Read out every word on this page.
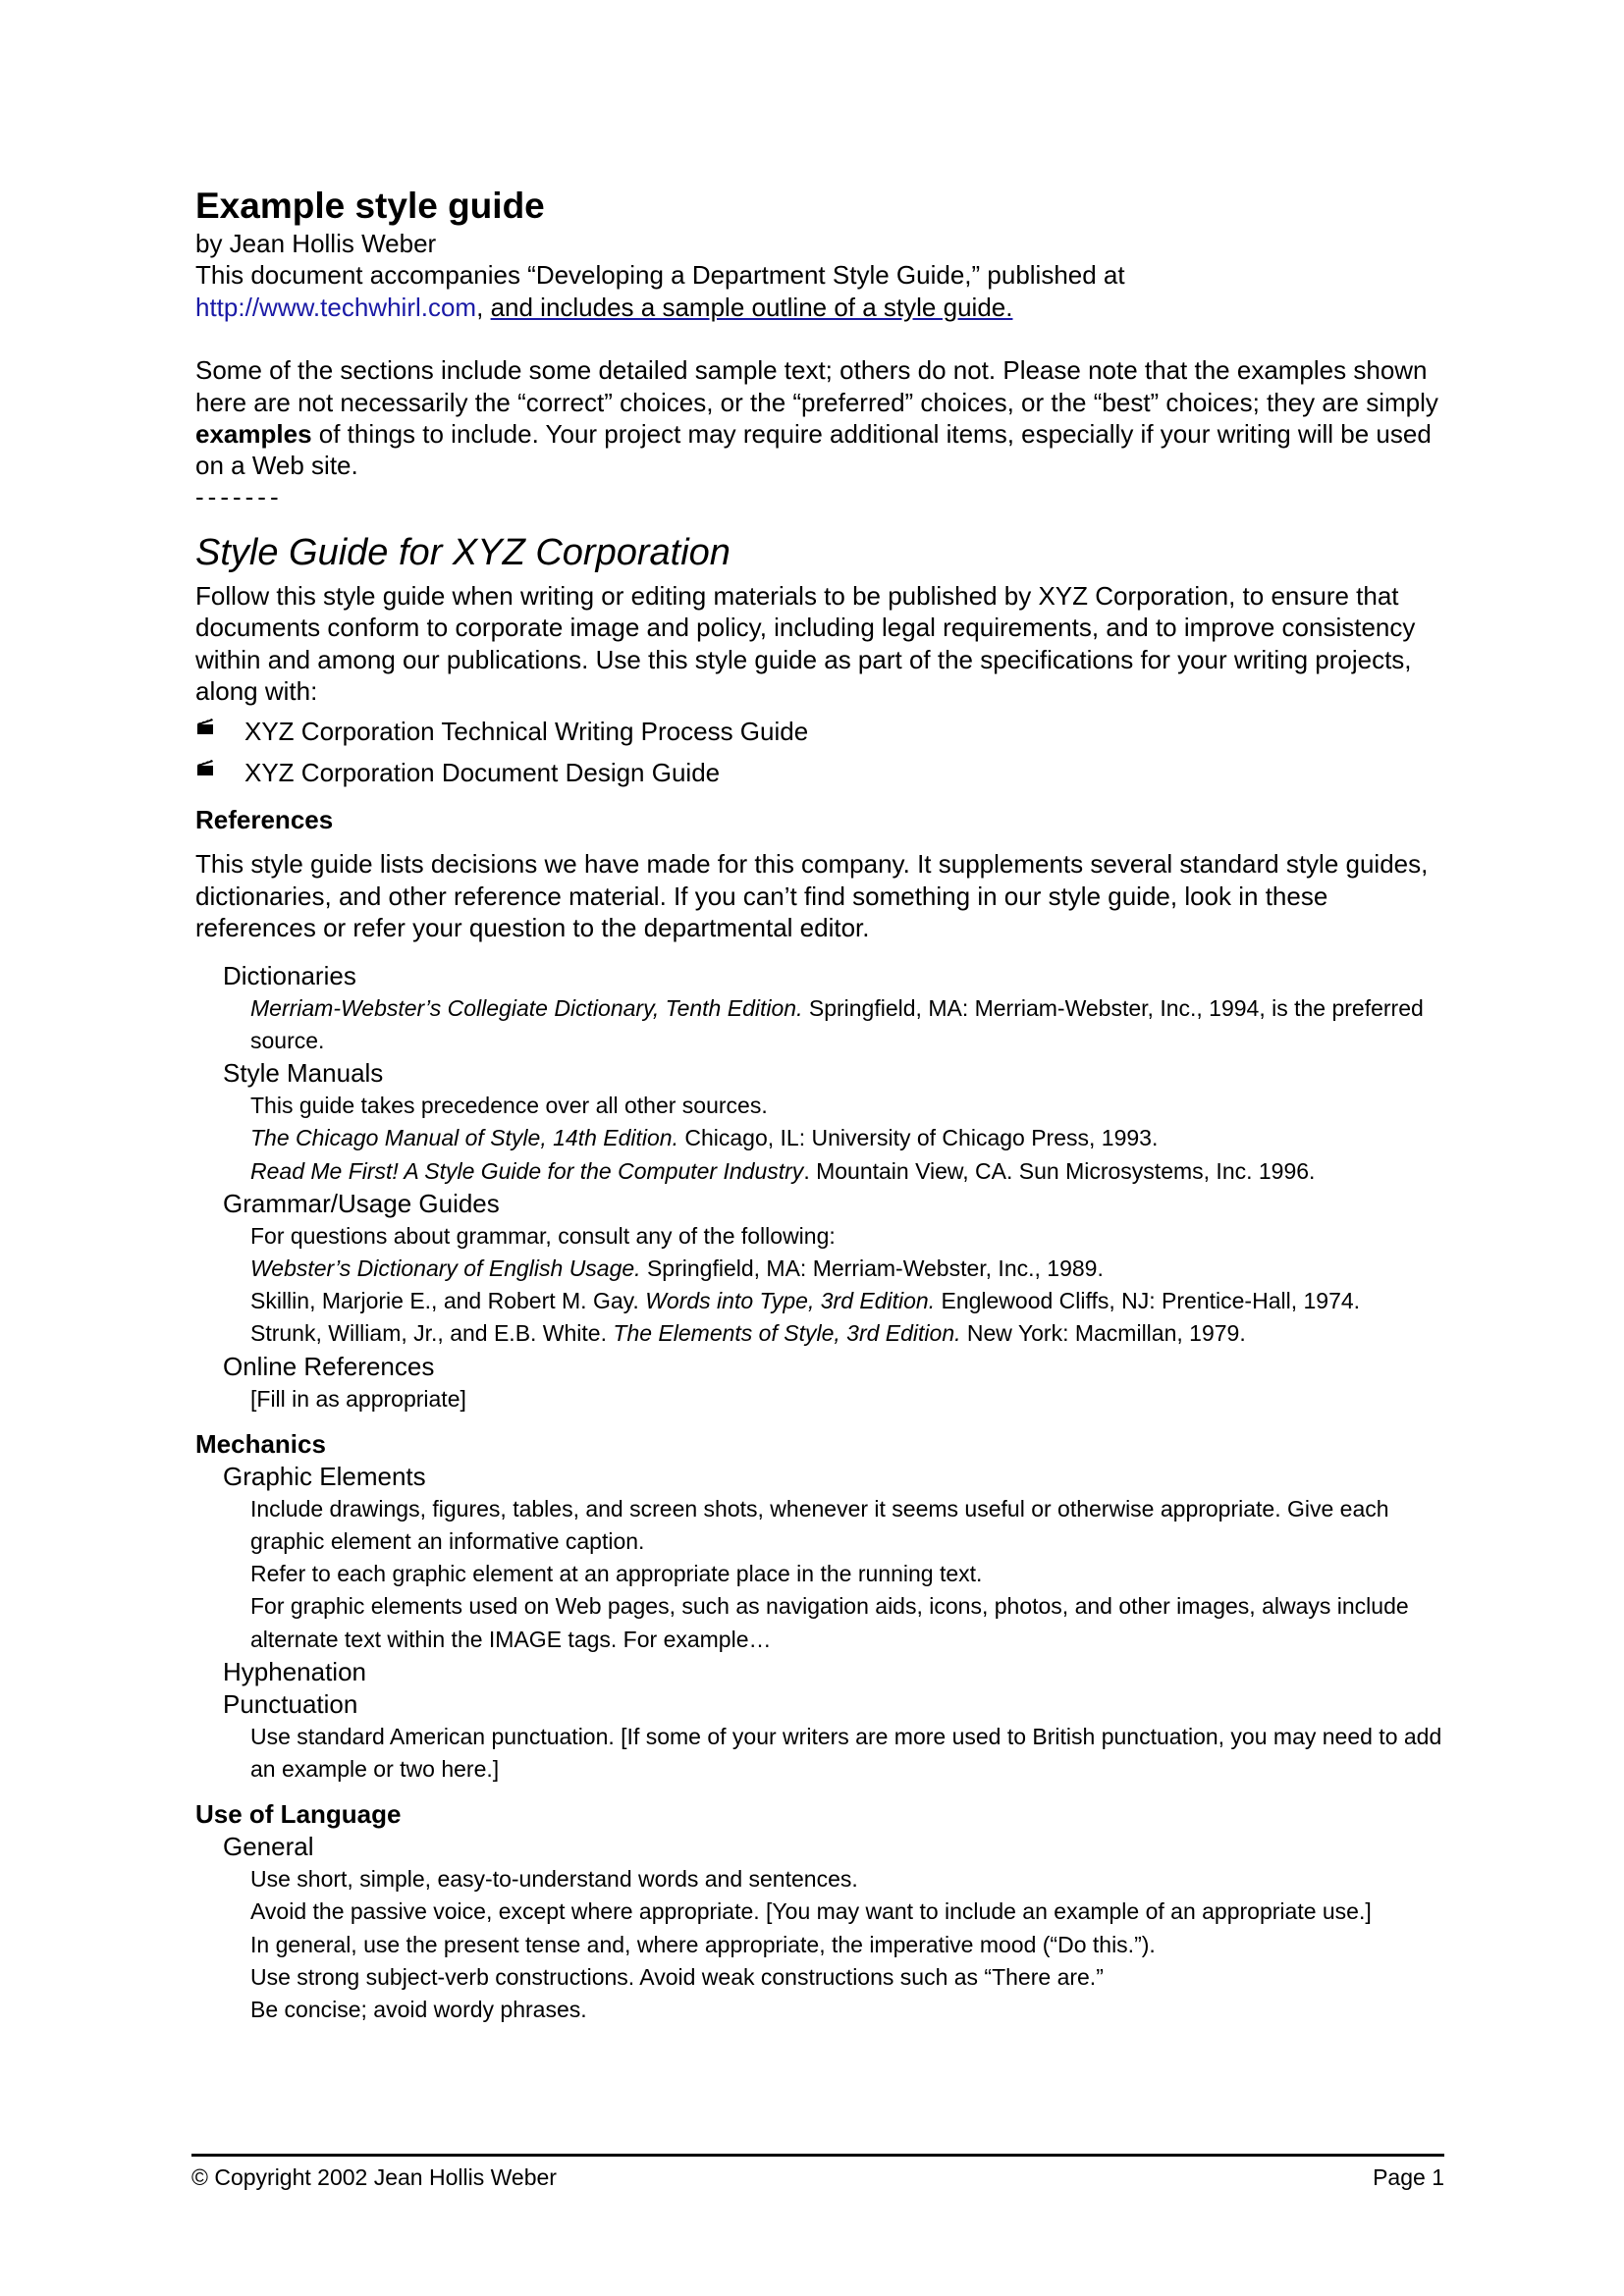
Example style guide
by Jean Hollis Weber
This document accompanies “Developing a Department Style Guide,” published at
http://www.techwhirl.com, and includes a sample outline of a style guide.
Some of the sections include some detailed sample text; others do not. Please note that the examples shown here are not necessarily the “correct” choices, or the “preferred” choices, or the “best” choices; they are simply examples of things to include. Your project may require additional items, especially if your writing will be used on a Web site.
-------
Style Guide for XYZ Corporation
Follow this style guide when writing or editing materials to be published by XYZ Corporation, to ensure that documents conform to corporate image and policy, including legal requirements, and to improve consistency within and among our publications. Use this style guide as part of the specifications for your writing projects, along with:
XYZ Corporation Technical Writing Process Guide
XYZ Corporation Document Design Guide
References
This style guide lists decisions we have made for this company. It supplements several standard style guides, dictionaries, and other reference material. If you can’t find something in our style guide, look in these references or refer your question to the departmental editor.
Dictionaries
Merriam-Webster’s Collegiate Dictionary, Tenth Edition. Springfield, MA: Merriam-Webster, Inc., 1994, is the preferred source.
Style Manuals
This guide takes precedence over all other sources.
The Chicago Manual of Style, 14th Edition. Chicago, IL: University of Chicago Press, 1993.
Read Me First! A Style Guide for the Computer Industry. Mountain View, CA. Sun Microsystems, Inc. 1996.
Grammar/Usage Guides
For questions about grammar, consult any of the following:
Webster’s Dictionary of English Usage. Springfield, MA: Merriam-Webster, Inc., 1989.
Skillin, Marjorie E., and Robert M. Gay. Words into Type, 3rd Edition. Englewood Cliffs, NJ: Prentice-Hall, 1974.
Strunk, William, Jr., and E.B. White. The Elements of Style, 3rd Edition. New York: Macmillan, 1979.
Online References
[Fill in as appropriate]
Mechanics
Graphic Elements
Include drawings, figures, tables, and screen shots, whenever it seems useful or otherwise appropriate. Give each graphic element an informative caption.
Refer to each graphic element at an appropriate place in the running text.
For graphic elements used on Web pages, such as navigation aids, icons, photos, and other images, always include alternate text within the IMAGE tags. For example…
Hyphenation
Punctuation
Use standard American punctuation. [If some of your writers are more used to British punctuation, you may need to add an example or two here.]
Use of Language
General
Use short, simple, easy-to-understand words and sentences.
Avoid the passive voice, except where appropriate. [You may want to include an example of an appropriate use.]
In general, use the present tense and, where appropriate, the imperative mood (“Do this.”).
Use strong subject-verb constructions. Avoid weak constructions such as “There are.”
Be concise; avoid wordy phrases.
© Copyright 2002 Jean Hollis Weber	Page 1
